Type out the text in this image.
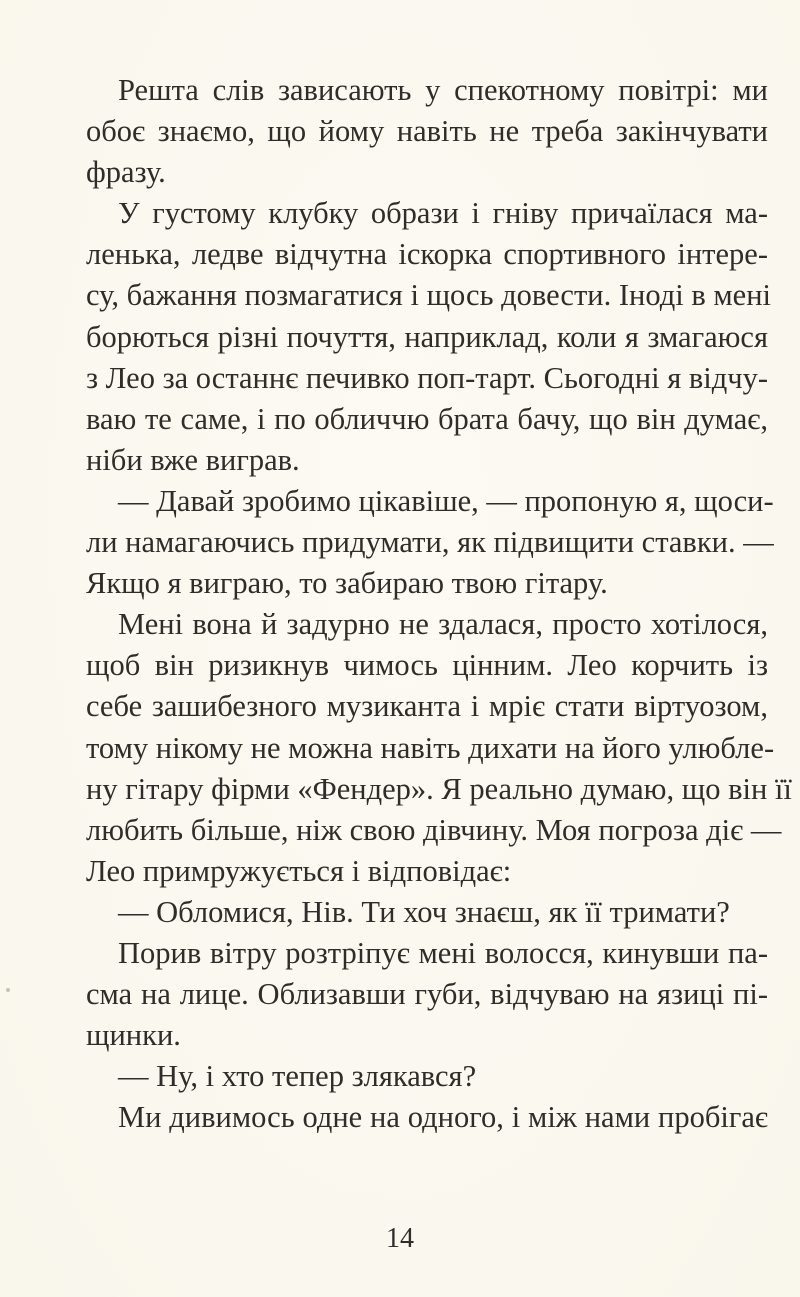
Решта слів зависають у спекотному повітрі: ми
обоє знаємо, що йому навіть не треба закінчувати
фразу.
У густому клубку образи і гніву причаїлася ма-
ленька, ледве відчутна іскорка спортивного інтере-
су, бажання позмагатися і щось довести. Іноді в мені
борються різні почуття, наприклад, коли я змагаюся
з Лео за останнє печивко поп-тарт. Сьогодні я відчу-
ваю те саме, і по обличчю брата бачу, що він думає,
ніби вже виграв.
— Давай зробимо цікавіше, — пропоную я, щоси-
ли намагаючись придумати, як підвищити ставки. —
Якщо я виграю, то забираю твою гітару.
Мені вона й задурно не здалася, просто хотілося,
щоб він ризикнув чимось цінним. Лео корчить із
себе зашибезного музиканта і мріє стати віртуозом,
тому нікому не можна навіть дихати на його улюбле-
ну гітару фірми «Фендер». Я реально думаю, що він її
любить більше, ніж свою дівчину. Моя погроза діє —
Лео примружується і відповідає:
— Обломися, Нів. Ти хоч знаєш, як її тримати?
Порив вітру розтріпує мені волосся, кинувши па-
сма на лице. Облизавши губи, відчуваю на язиці пі-
щинки.
— Ну, і хто тепер злякався?
Ми дивимось одне на одного, і між нами пробігає
14
